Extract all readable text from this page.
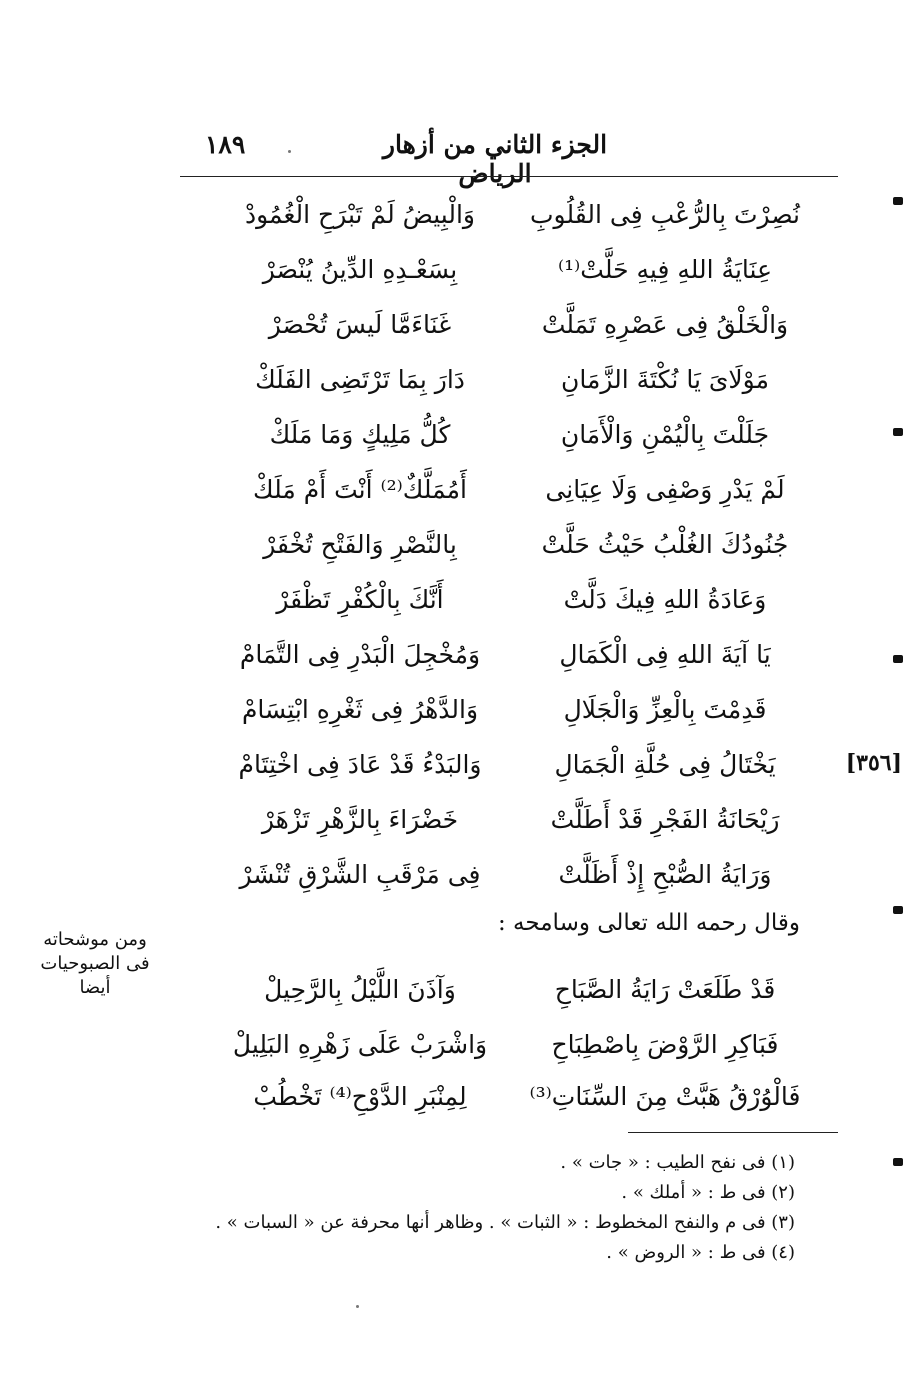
الجزء الثاني من أزهار الرياض
١٨٩
نُصِرْتَ بِالرُّعْبِ فِى القُلُوبِ
وَالْبِيضُ لَمْ تَبْرَحِ الْغُمُودْ
عِنَايَةُ اللهِ فِيهِ حَلَّتْ⁽¹⁾
بِسَعْـدِهِ الدِّينُ يُنْصَرْ
وَالْخَلْقُ فِى عَصْرِهِ تَمَلَّتْ
غَنَاءَمَّا لَيسَ تُحْصَرْ
مَوْلَاىَ يَا نُكْتَةَ الزَّمَانِ
دَارَ بِمَا تَرْتَضِى الفَلَكْ
جَلَلْتَ بِالْيُمْنِ وَالْأَمَانِ
كُلُّ مَلِيكٍ وَمَا مَلَكْ
لَمْ يَدْرِ وَصْفِى وَلَا عِيَانِى
أَمُمَلَّكٌ⁽²⁾ أَنْتَ أَمْ مَلَكْ
جُنُودُكَ الغُلْبُ حَيْثُ حَلَّتْ
بِالنَّصْرِ وَالفَتْحِ تُخْفَرْ
وَعَادَةُ اللهِ فِيكَ دَلَّتْ
أَنَّكَ بِالْكُفْرِ تَظْفَرْ
يَا آيَةَ اللهِ فِى الْكَمَالِ
وَمُخْجِلَ الْبَدْرِ فِى التَّمَامْ
قَدِمْتَ بِالْعِزِّ وَالْجَلَالِ
وَالدَّهْرُ فِى ثَغْرِهِ ابْتِسَامْ
يَخْتَالُ فِى حُلَّةِ الْجَمَالِ
وَالبَدْءُ قَدْ عَادَ فِى اخْتِتَامْ
رَيْحَانَةُ الفَجْرِ قَدْ أَطَلَّتْ
خَضْرَاءَ بِالزَّهْرِ تَزْهَرْ
وَرَايَةُ الصُّبْحِ إِذْ أَظَلَّتْ
فِى مَرْقَبِ الشَّرْقِ تُنْشَرْ
وقال رحمه الله تعالى وسامحه :
قَدْ طَلَعَتْ رَايَةُ الصَّبَاحِ
وَآذَنَ اللَّيْلُ بِالرَّحِيلْ
فَبَاكِرِ الرَّوْضَ بِاصْطِبَاحِ
وَاشْرَبْ عَلَى زَهْرِهِ البَلِيلْ
فَالْوُرْقُ هَبَّتْ مِنَ السِّنَاتِ⁽³⁾
لِمِنْبَرِ الدَّوْحِ⁽⁴⁾ تَخْطُبْ
ومن موشحاته
فى الصبوحيات
أيضا
[٣٥٦]
(١) فى نفح الطيب : « جات » .
(٢) فى ط : « أملك » .
(٣) فى م والنفح المخطوط : « الثبات » . وظاهر أنها محرفة عن « السبات » .
(٤) فى ط : « الروض » .
